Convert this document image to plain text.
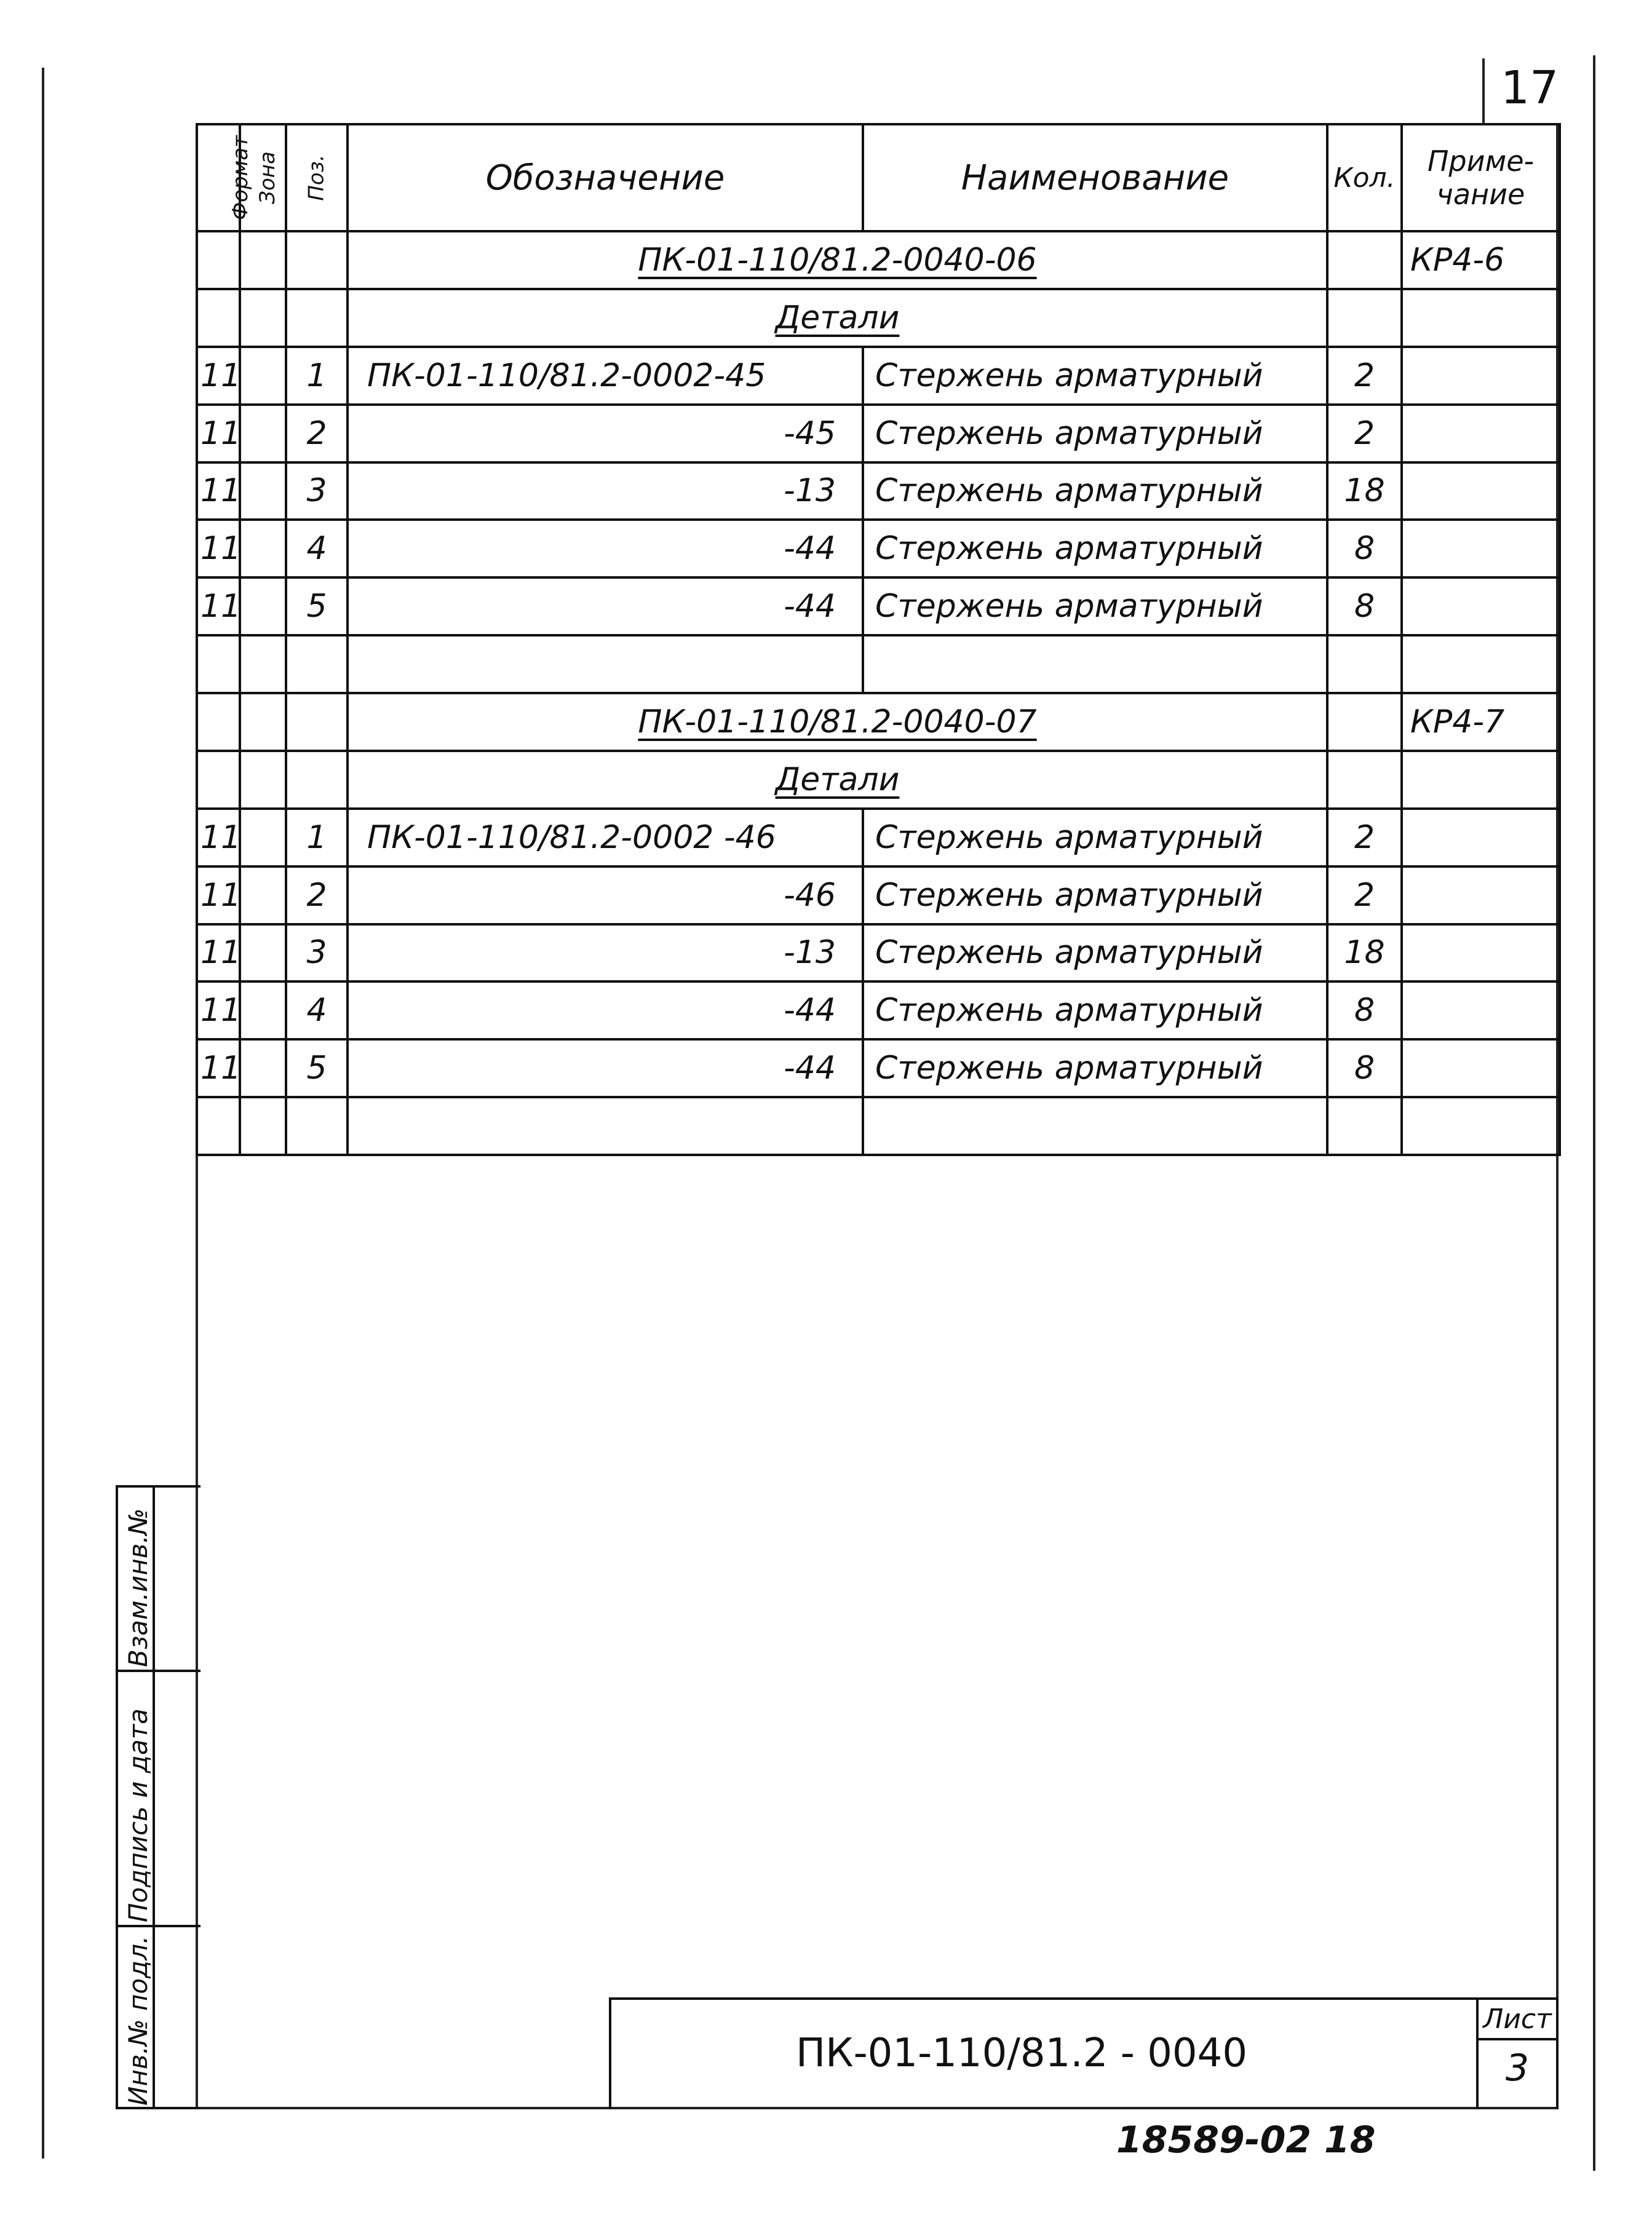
17
Формат	Зона	Поз.	Обозначение	Наименование	Кол.	Приме-чание
			ПК-01-110/81.2-0040-06			КР4-6
			Детали			
11		1	ПК-01-110/81.2-0002-45	Стержень арматурный	2	
11		2	-45	Стержень арматурный	2	
11		3	-13	Стержень арматурный	18	
11		4	-44	Стержень арматурный	8	
11		5	-44	Стержень арматурный	8	

			ПК-01-110/81.2-0040-07			КР4-7
			Детали			
11		1	ПК-01-110/81.2-0002 -46	Стержень арматурный	2	
11		2	-46	Стержень арматурный	2	
11		3	-13	Стержень арматурный	18	
11		4	-44	Стержень арматурный	8	
11		5	-44	Стержень арматурный	8	

Инв.№ подл.
Подпись и дата
Взам.инв.№
ПК-01-110/81.2 - 0040
Лист
3
18589-02 18
